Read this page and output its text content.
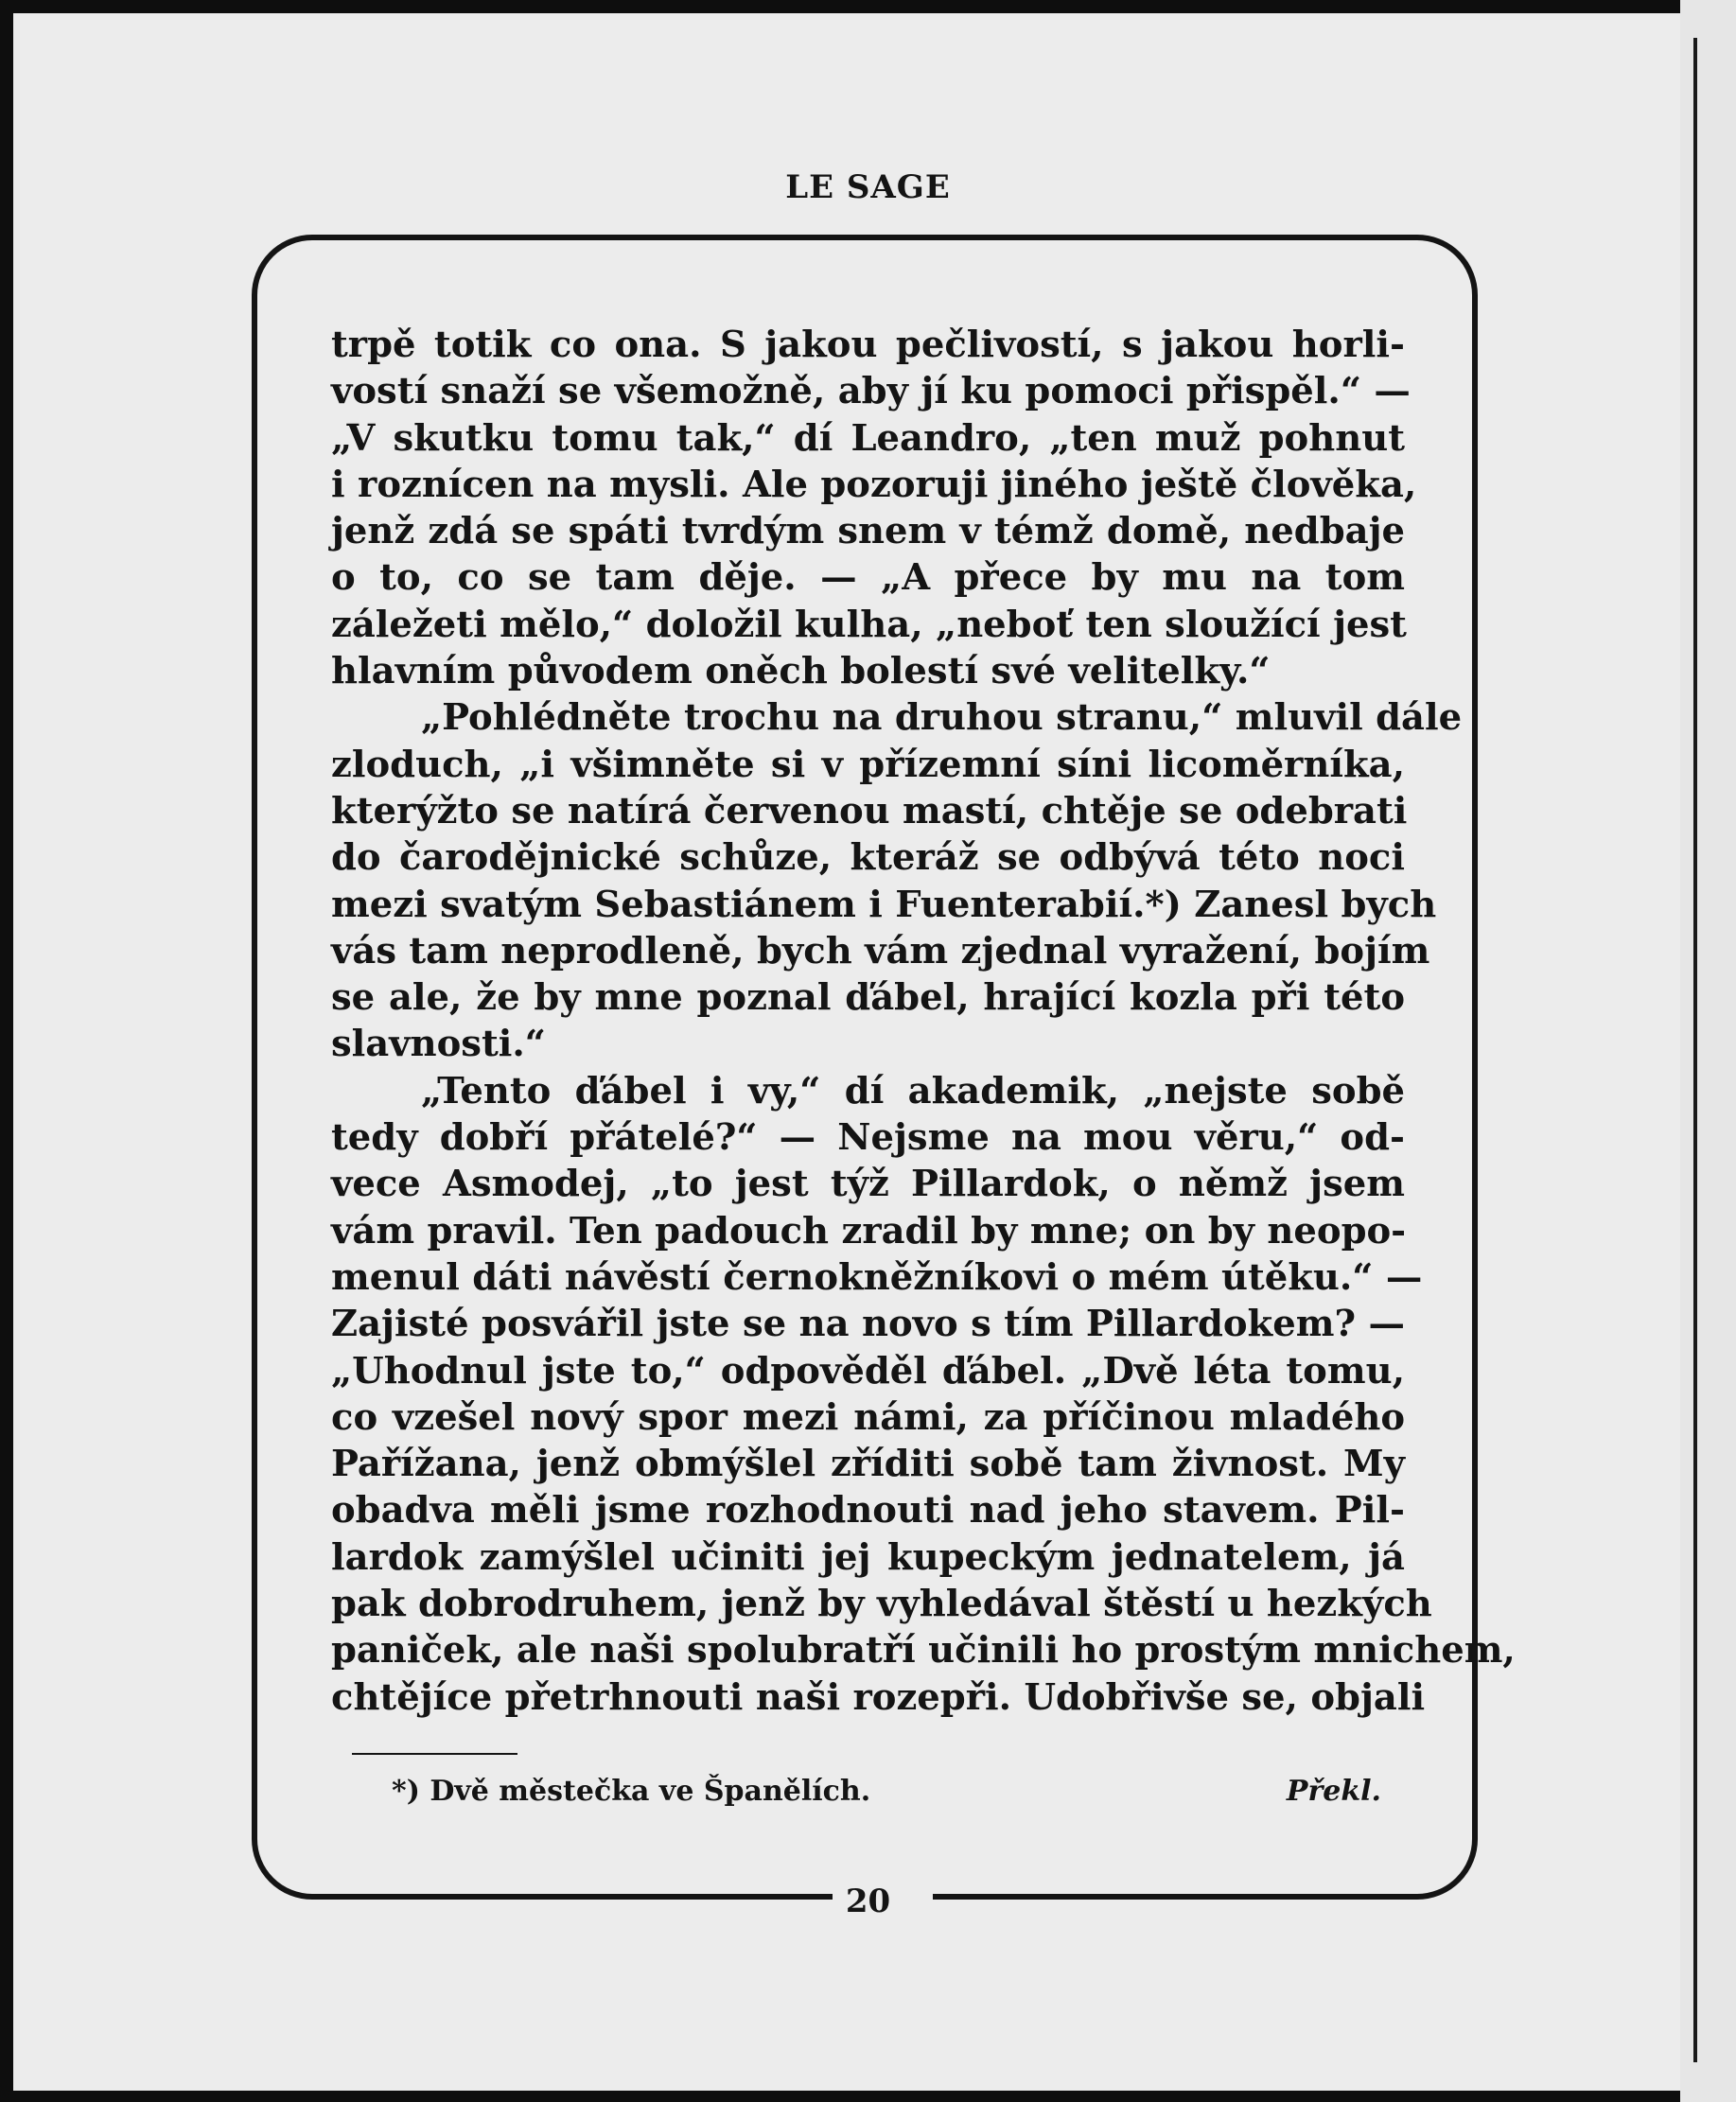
LE SAGE
trpě totik co ona. S jakou pečlivostí, s jakou horli-
vostí snaží se všemožně, aby jí ku pomoci přispěl.“ —
„V skutku tomu tak,“ dí Leandro, „ten muž pohnut
i roznícen na mysli. Ale pozoruji jiného ještě člověka,
jenž zdá se spáti tvrdým snem v témž domě, nedbaje
o to, co se tam děje. — „A přece by mu na tom
záležeti mělo,“ doložil kulha, „neboť ten sloužící jest
hlavním původem oněch bolestí své velitelky.“
„Pohlédněte trochu na druhou stranu,“ mluvil dále
zloduch, „i všimněte si v přízemní síni licoměrníka,
kterýžto se natírá červenou mastí, chtěje se odebrati
do čarodějnické schůze, kteráž se odbývá této noci
mezi svatým Sebastiánem i Fuenterabií.*) Zanesl bych
vás tam neprodleně, bych vám zjednal vyražení, bojím
se ale, že by mne poznal ďábel, hrající kozla při této
slavnosti.“
„Tento ďábel i vy,“ dí akademik, „nejste sobě
tedy dobří přátelé?“ — Nejsme na mou věru,“ od-
vece Asmodej, „to jest týž Pillardok, o němž jsem
vám pravil. Ten padouch zradil by mne; on by neopo-
menul dáti návěstí černokněžníkovi o mém útěku.“ —
Zajisté posvářil jste se na novo s tím Pillardokem? —
„Uhodnul jste to,“ odpověděl ďábel. „Dvě léta tomu,
co vzešel nový spor mezi námi, za příčinou mladého
Pařížana, jenž obmýšlel zříditi sobě tam živnost. My
obadva měli jsme rozhodnouti nad jeho stavem. Pil-
lardok zamýšlel učiniti jej kupeckým jednatelem, já
pak dobrodruhem, jenž by vyhledával štěstí u hezkých
paniček, ale naši spolubratří učinili ho prostým mnichem,
chtějíce přetrhnouti naši rozepři. Udobřivše se, objali
*) Dvě městečka ve Španělích.	Překl.
20
